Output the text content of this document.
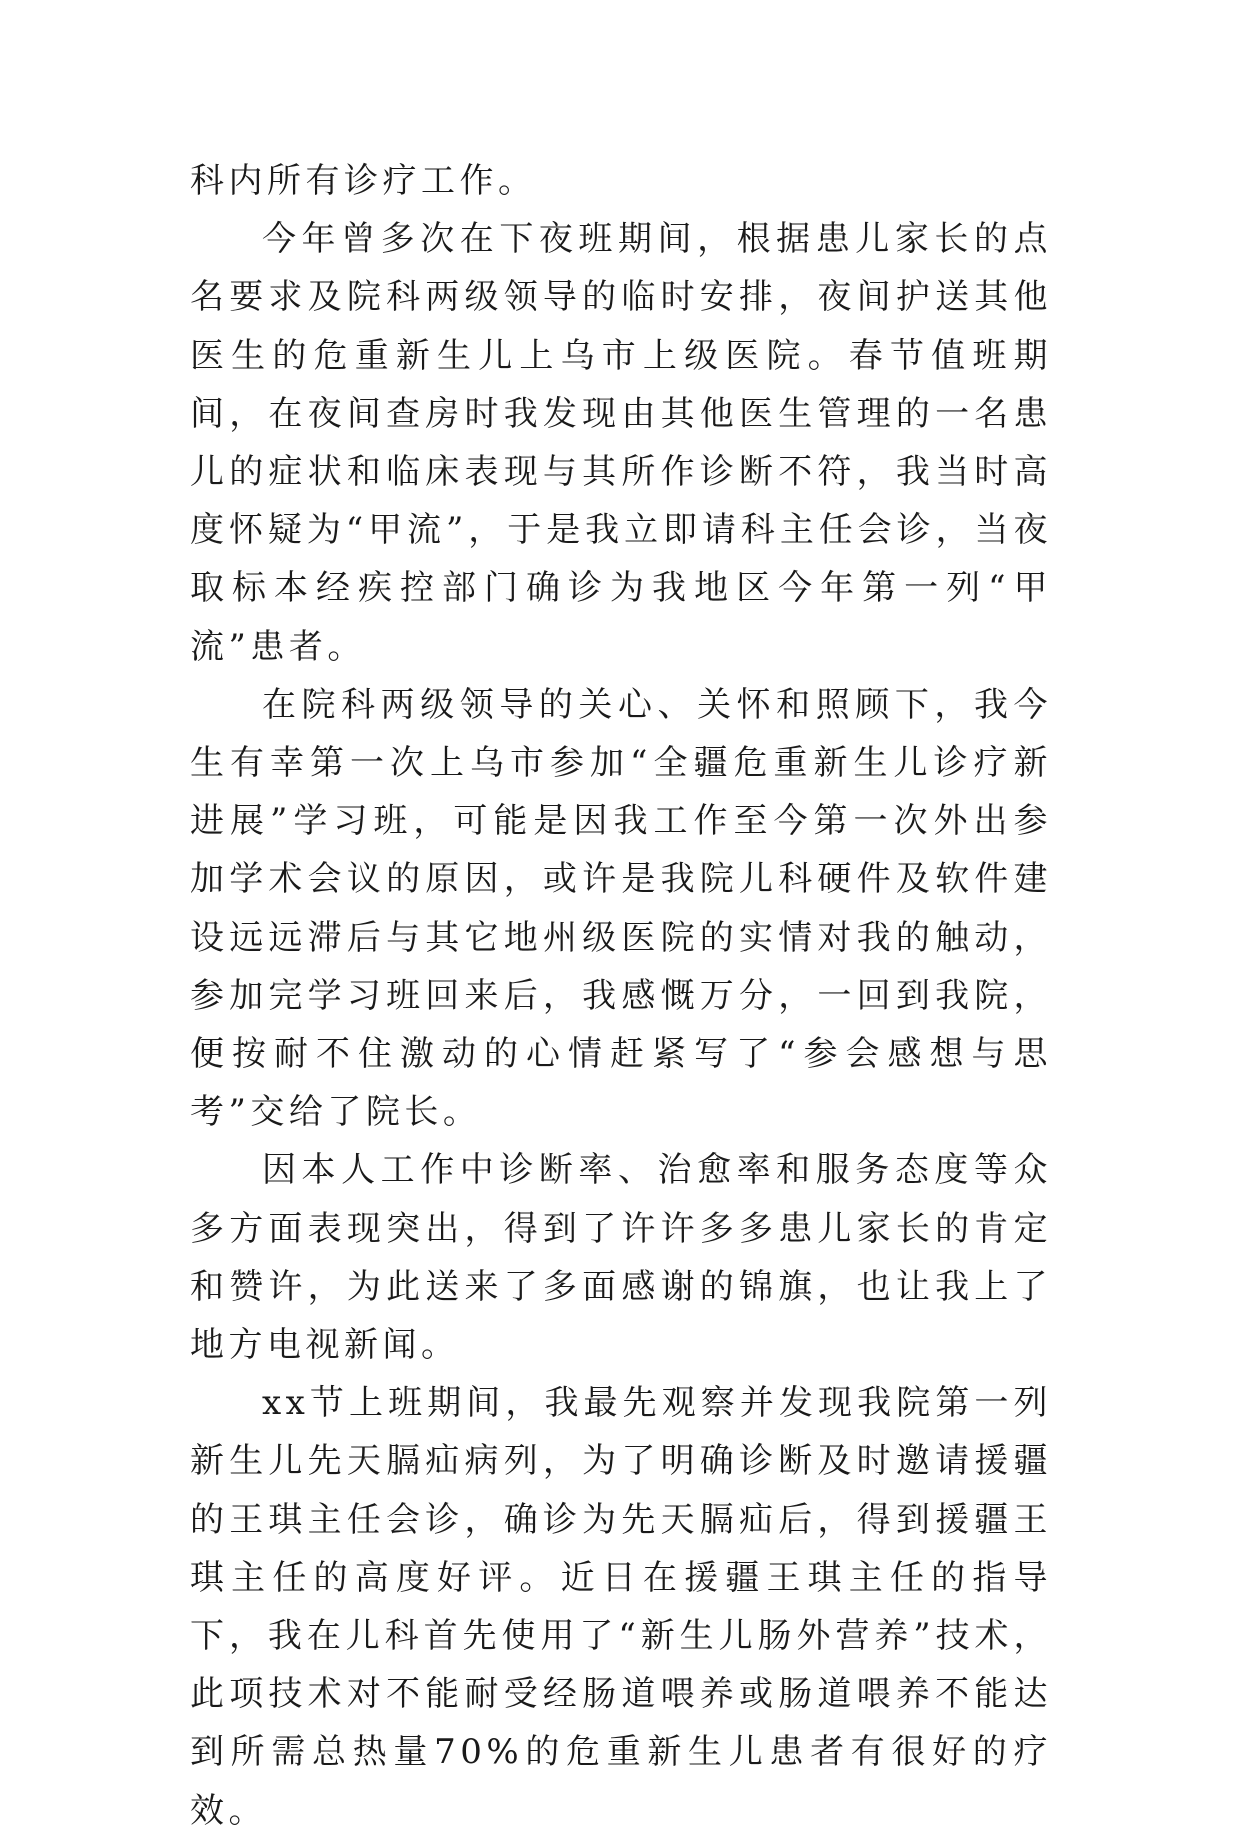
科内所有诊疗工作。

今年曾多次在下夜班期间，根据患儿家长的点名要求及院科两级领导的临时安排，夜间护送其他医生的危重新生儿上乌市上级医院。春节值班期间，在夜间查房时我发现由其他医生管理的一名患儿的症状和临床表现与其所作诊断不符，我当时高度怀疑为“甲流”，于是我立即请科主任会诊，当夜取标本经疾控部门确诊为我地区今年第一列“甲流”患者。

在院科两级领导的关心、关怀和照顾下，我今生有幸第一次上乌市参加“全疆危重新生儿诊疗新进展”学习班，可能是因我工作至今第一次外出参加学术会议的原因，或许是我院儿科硬件及软件建设远远滞后与其它地州级医院的实情对我的触动，参加完学习班回来后，我感慨万分，一回到我院，便按耐不住激动的心情赶紧写了“参会感想与思考”交给了院长。

因本人工作中诊断率、治愈率和服务态度等众多方面表现突出，得到了许许多多患儿家长的肯定和赞许，为此送来了多面感谢的锦旗，也让我上了地方电视新闻。

xx节上班期间，我最先观察并发现我院第一列新生儿先天膈疝病列，为了明确诊断及时邀请援疆的王琪主任会诊，确诊为先天膈疝后，得到援疆王琪主任的高度好评。近日在援疆王琪主任的指导下，我在儿科首先使用了“新生儿肠外营养”技术，此项技术对不能耐受经肠道喂养或肠道喂养不能达到所需总热量70%的危重新生儿患者有很好的疗效。
